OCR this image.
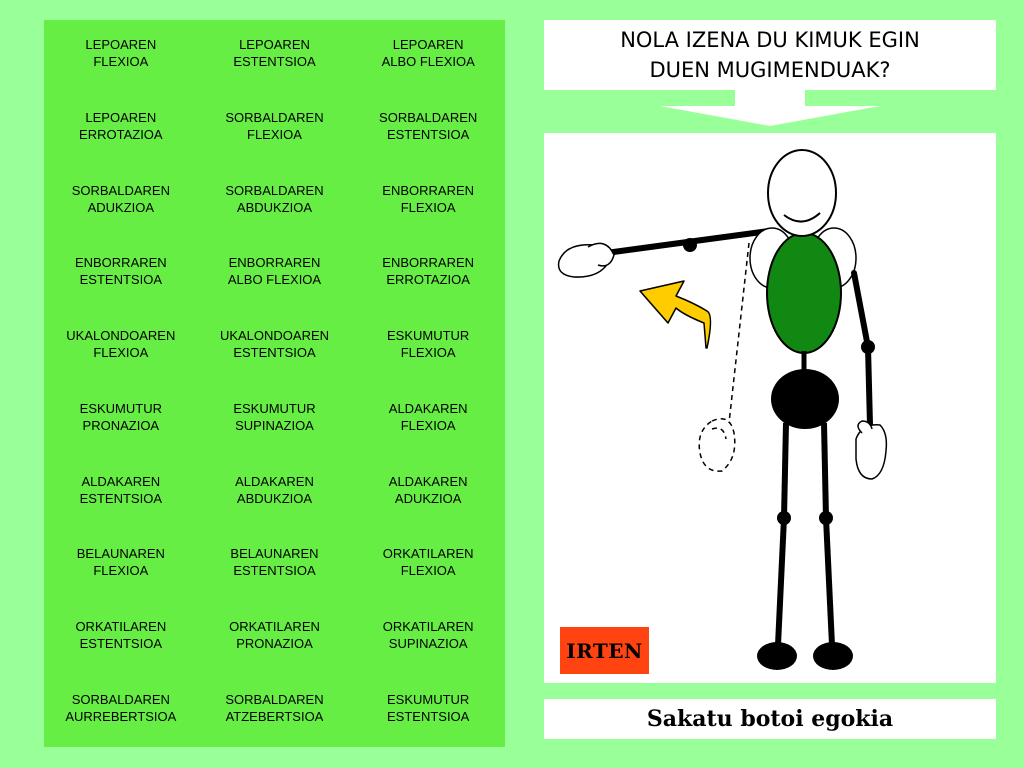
LEPOAREN
FLEXIOA
LEPOAREN
ESTENTSIOA
LEPOAREN
ALBO FLEXIOA
LEPOAREN
ERROTAZIOA
SORBALDAREN
FLEXIOA
SORBALDAREN
ESTENTSIOA
SORBALDAREN
ADUKZIOA
SORBALDAREN
ABDUKZIOA
ENBORRAREN
FLEXIOA
ENBORRAREN
ESTENTSIOA
ENBORRAREN
ALBO FLEXIOA
ENBORRAREN
ERROTAZIOA
UKALONDOAREN
FLEXIOA
UKALONDOAREN
ESTENTSIOA
ESKUMUTUR
FLEXIOA
ESKUMUTUR
PRONAZIOA
ESKUMUTUR
SUPINAZIOA
ALDAKAREN
FLEXIOA
ALDAKAREN
ESTENTSIOA
ALDAKAREN
ABDUKZIOA
ALDAKAREN
ADUKZIOA
BELAUNAREN
FLEXIOA
BELAUNAREN
ESTENTSIOA
ORKATILAREN
FLEXIOA
ORKATILAREN
ESTENTSIOA
ORKATILAREN
PRONAZIOA
ORKATILAREN
SUPINAZIOA
SORBALDAREN
AURREBERTSIOA
SORBALDAREN
ATZEBERTSIOA
ESKUMUTUR
ESTENTSIOA
NOLA IZENA DU KIMUK EGIN
DUEN MUGIMENDUAK?
IRTEN
Sakatu botoi egokia
